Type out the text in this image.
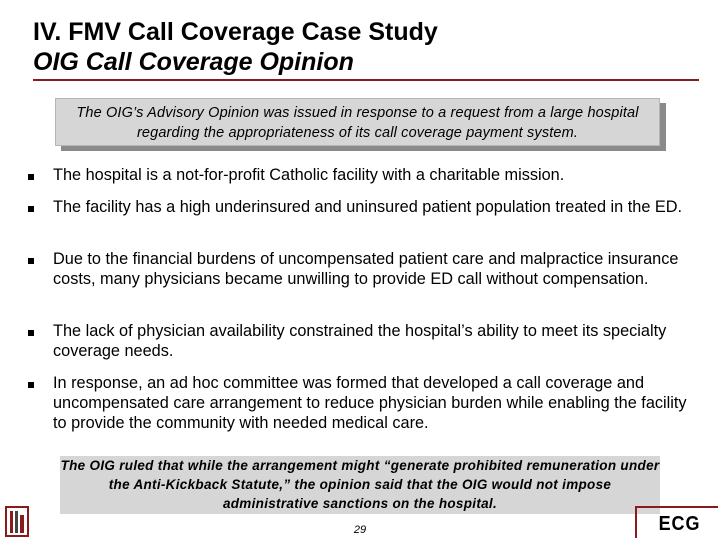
IV. FMV Call Coverage Case Study
OIG Call Coverage Opinion
The OIG’s Advisory Opinion was issued in response to a request from a large hospital regarding the appropriateness of its call coverage payment system.
The hospital is a not-for-profit Catholic facility with a charitable mission.
The facility has a high underinsured and uninsured patient population treated in the ED.
Due to the financial burdens of uncompensated patient care and malpractice insurance costs, many physicians became unwilling to provide ED call without compensation.
The lack of physician availability constrained the hospital’s ability to meet its specialty coverage needs.
In response, an ad hoc committee was formed that developed a call coverage and uncompensated care arrangement to reduce physician burden while enabling the facility to provide the community with needed medical care.
The OIG ruled that while the arrangement might “generate prohibited remuneration under the Anti-Kickback Statute,” the opinion said that the OIG would not impose administrative sanctions on the hospital.
29	ECG
